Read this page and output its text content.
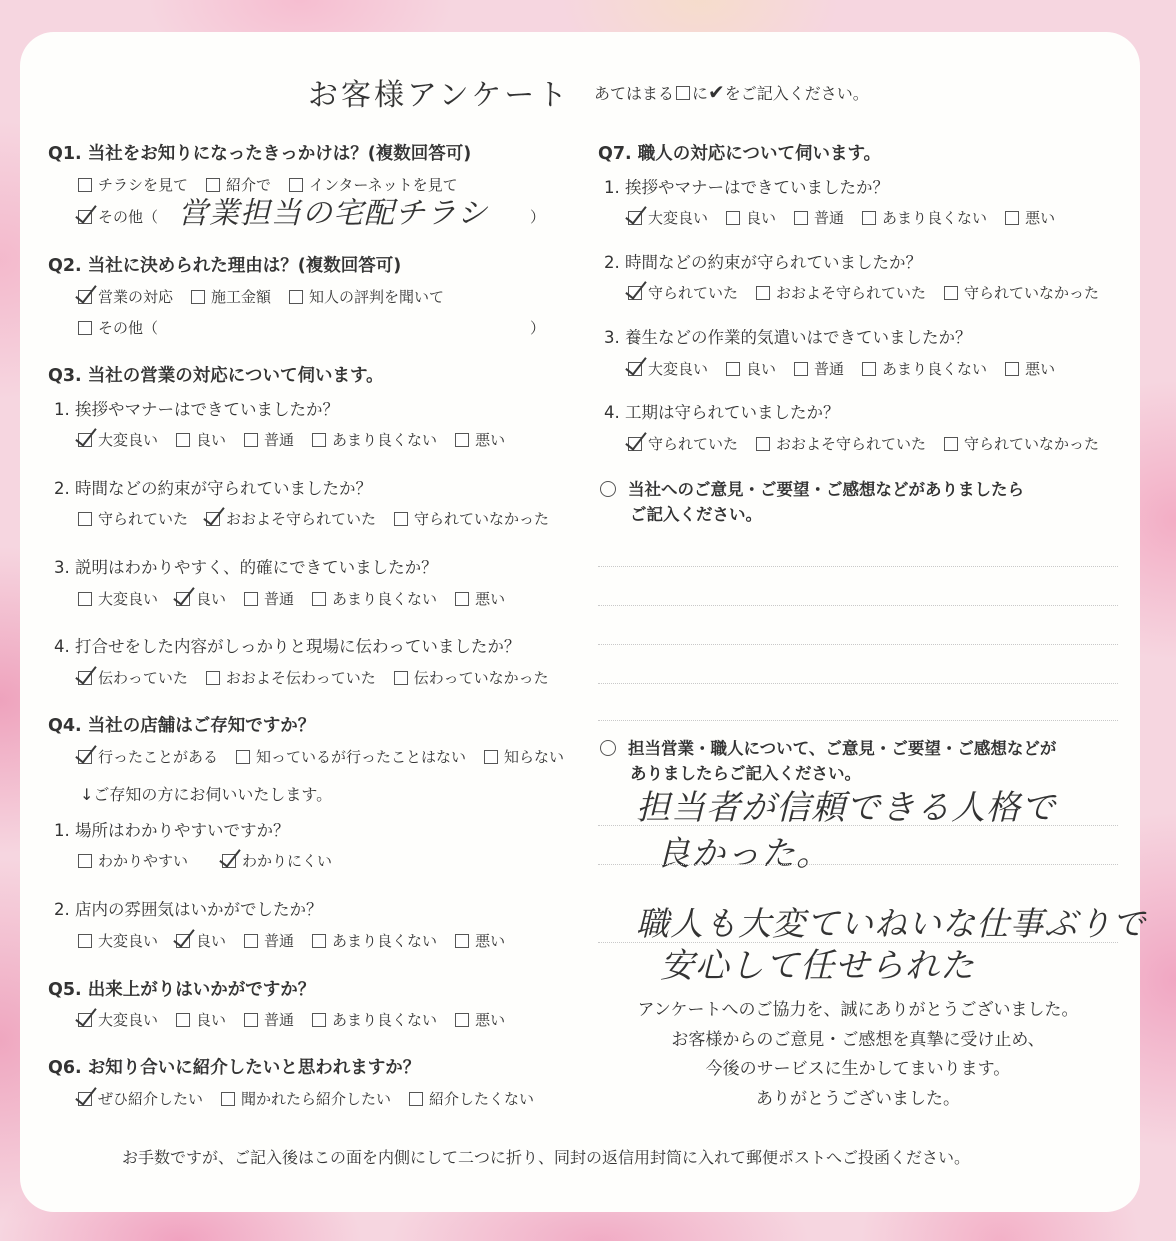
お客様アンケート あてはまる に✔をご記入ください。
Q1. 当社をお知りになったきっかけは？(複数回答可)
チラシを見て	紹介で	インターネットを見て
その他（ 営業担当の宅配チラシ	）
Q2. 当社に決められた理由は？(複数回答可)
営業の対応	施工金額	知人の評判を聞いて
その他（	）
Q3. 当社の営業の対応について伺います。
1. 挨拶やマナーはできていましたか？
大変良い	良い	普通	あまり良くない	悪い
2. 時間などの約束が守られていましたか？
守られていた	おおよそ守られていた	守られていなかった
3. 説明はわかりやすく、的確にできていましたか？
大変良い	良い	普通	あまり良くない	悪い
4. 打合せをした内容がしっかりと現場に伝わっていましたか？
伝わっていた	おおよそ伝わっていた	伝わっていなかった
Q4. 当社の店舗はご存知ですか？
行ったことがある	知っているが行ったことはない	知らない
↓ご存知の方にお伺いいたします。
1. 場所はわかりやすいですか？
わかりやすい	わかりにくい
2. 店内の雰囲気はいかがでしたか？
大変良い	良い	普通	あまり良くない	悪い
Q5. 出来上がりはいかがですか？
大変良い	良い	普通	あまり良くない	悪い
Q6. お知り合いに紹介したいと思われますか？
ぜひ紹介したい	聞かれたら紹介したい	紹介したくない
Q7. 職人の対応について伺います。
1. 挨拶やマナーはできていましたか？
大変良い	良い	普通	あまり良くない	悪い
2. 時間などの約束が守られていましたか？
守られていた	おおよそ守られていた	守られていなかった
3. 養生などの作業的気遣いはできていましたか？
大変良い	良い	普通	あまり良くない	悪い
4. 工期は守られていましたか？
守られていた	おおよそ守られていた	守られていなかった
当社へのご意見・ご要望・ご感想などがありましたら
ご記入ください。
担当営業・職人について、ご意見・ご要望・ご感想などが
ありましたらご記入ください。
担当者が信頼できる人格で
良かった。
職人も大変ていねいな仕事ぶりで
安心して任せられた
アンケートへのご協力を、誠にありがとうございました。
お客様からのご意見・ご感想を真摯に受け止め、
今後のサービスに生かしてまいります。
ありがとうございました。
お手数ですが、ご記入後はこの面を内側にして二つに折り、同封の返信用封筒に入れて郵便ポストへご投函ください。
